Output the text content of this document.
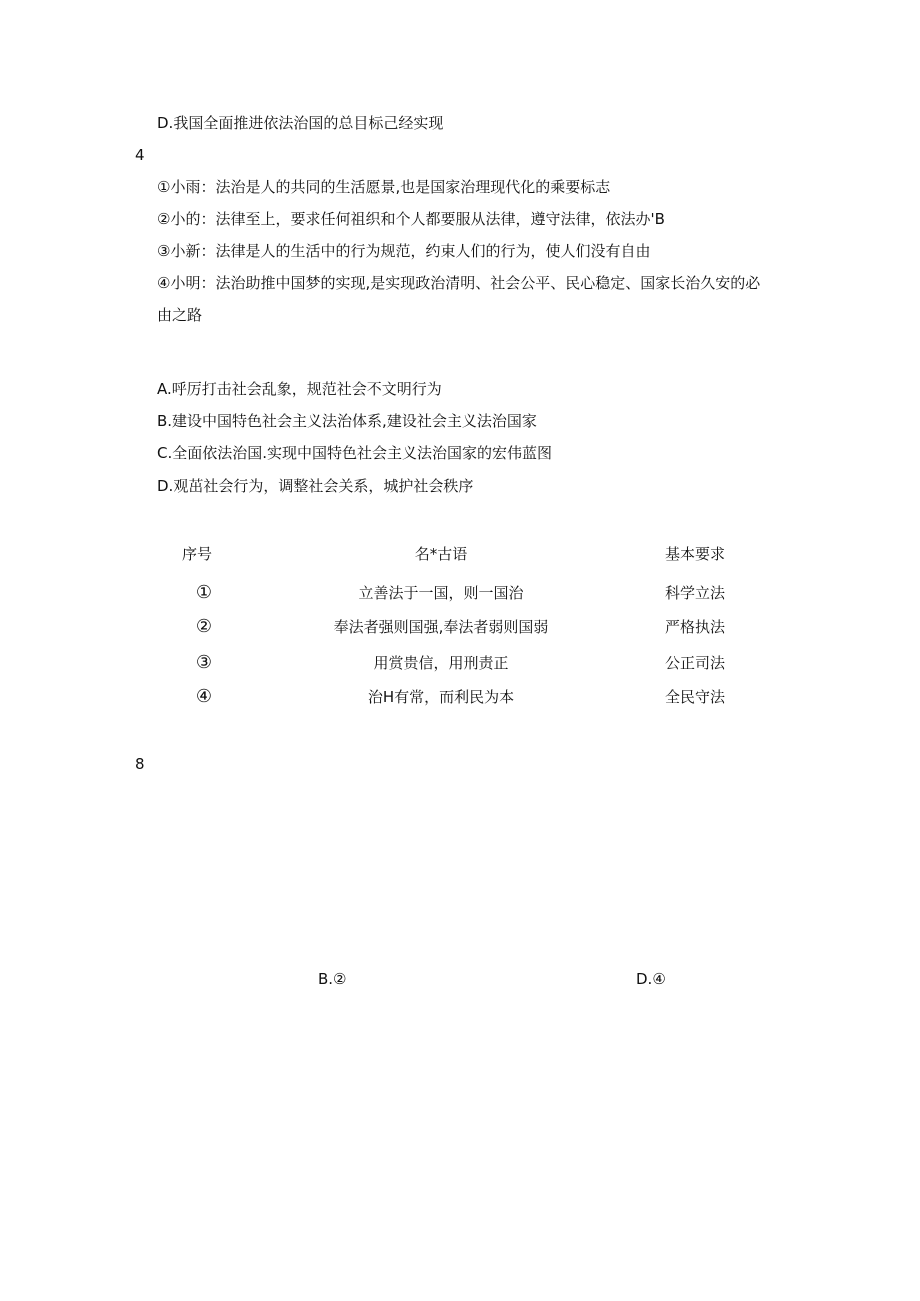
D.我国全面推进依法治国的总目标己经实现
4
①小雨：法治是人的共同的生活愿景,也是国家治理现代化的乘要标志
②小的：法律至上，要求任何祖织和个人都要服从法律，遵守法律，依法办'B
③小新：法律是人的生活中的行为规范，约束人们的行为，使人们没有自由
④小明：法治助推中国梦的实现,是实现政治清明、社会公平、民心稳定、国家长治久安的必
由之路
A.呼厉打击社会乱象，规范社会不文明行为
B.建设中国特色社会主义法治体系,建设社会主义法治国家
C.全面依法治国.实现中国特色社会主义法治国家的宏伟蓝图
D.观茁社会行为，调整社会关系，城护社会秩序
序号	名*古语	基本要求
①	立善法于一国，则一国治	科学立法
②	奉法者强则国强,奉法者弱则国弱	严格执法
③	用赏贵信，用刑责正	公正司法
④	治H有常，而利民为本	全民守法
8
B.②	D.④
